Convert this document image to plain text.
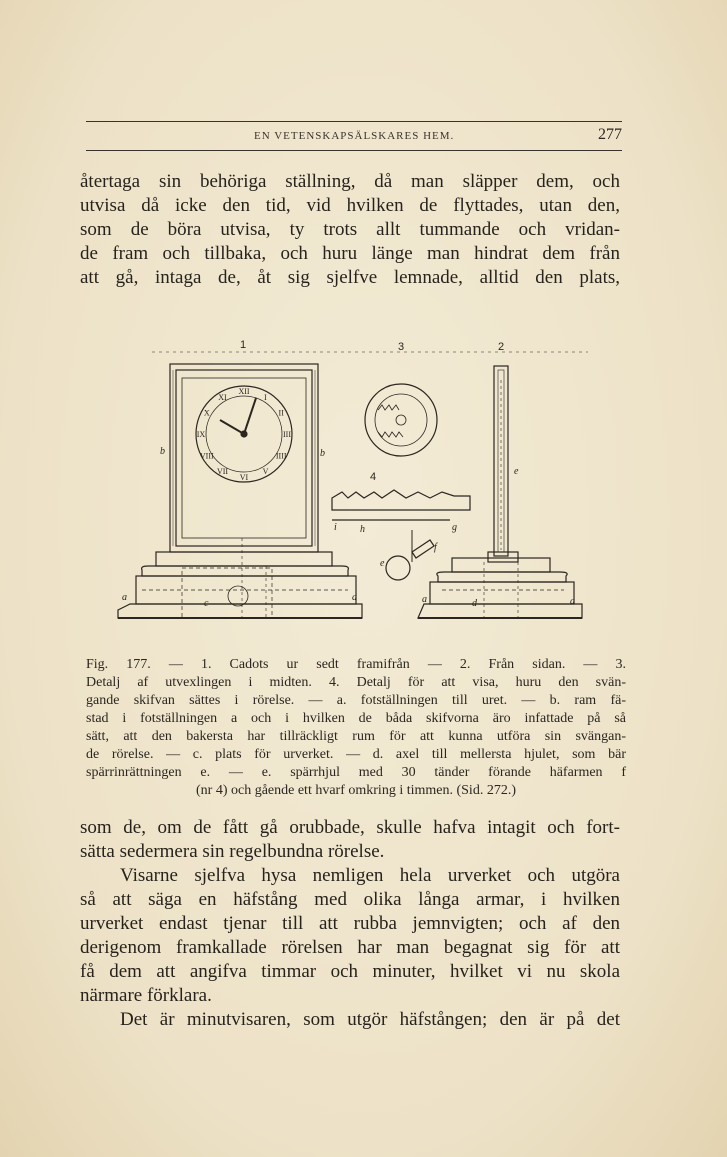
EN VETENSKAPSÄLSKARES HEM.	277
återtaga sin behöriga ställning, då man släpper dem, och
utvisa då icke den tid, vid hvilken de flyttades, utan den,
som de böra utvisa, ty trots allt tummande och vridan-
de fram och tillbaka, och huru länge man hindrat dem från
att gå, intaga de, åt sig sjelfve lemnade, alltid den plats,
1	3	2
4
b	b
e
a	a	a	a
c	d
e
f
g
h
i
XII
I
II
III
IIII
V
VI
VII
VIII
IX
X
XI
Fig. 177. — 1. Cadots ur sedt framifrån — 2. Från sidan. — 3.
Detalj af utvexlingen i midten. 4. Detalj för att visa, huru den svän-
gande skifvan sättes i rörelse. — a. fotställningen till uret. — b. ram fä-
stad i fotställningen a och i hvilken de båda skifvorna äro infattade på så
sätt, att den bakersta har tillräckligt rum för att kunna utföra sin svängan-
de rörelse. — c. plats för urverket. — d. axel till mellersta hjulet, som bär
spärrinrättningen e. — e. spärrhjul med 30 tänder förande häfarmen f
(nr 4) och gående ett hvarf omkring i timmen. (Sid. 272.)
som de, om de fått gå orubbade, skulle hafva intagit och fort-
sätta sedermera sin regelbundna rörelse.
Visarne sjelfva hysa nemligen hela urverket och utgöra
så att säga en häfstång med olika långa armar, i hvilken
urverket endast tjenar till att rubba jemnvigten; och af den
derigenom framkallade rörelsen har man begagnat sig för att
få dem att angifva timmar och minuter, hvilket vi nu skola
närmare förklara.
Det är minutvisaren, som utgör häfstången; den är på det
